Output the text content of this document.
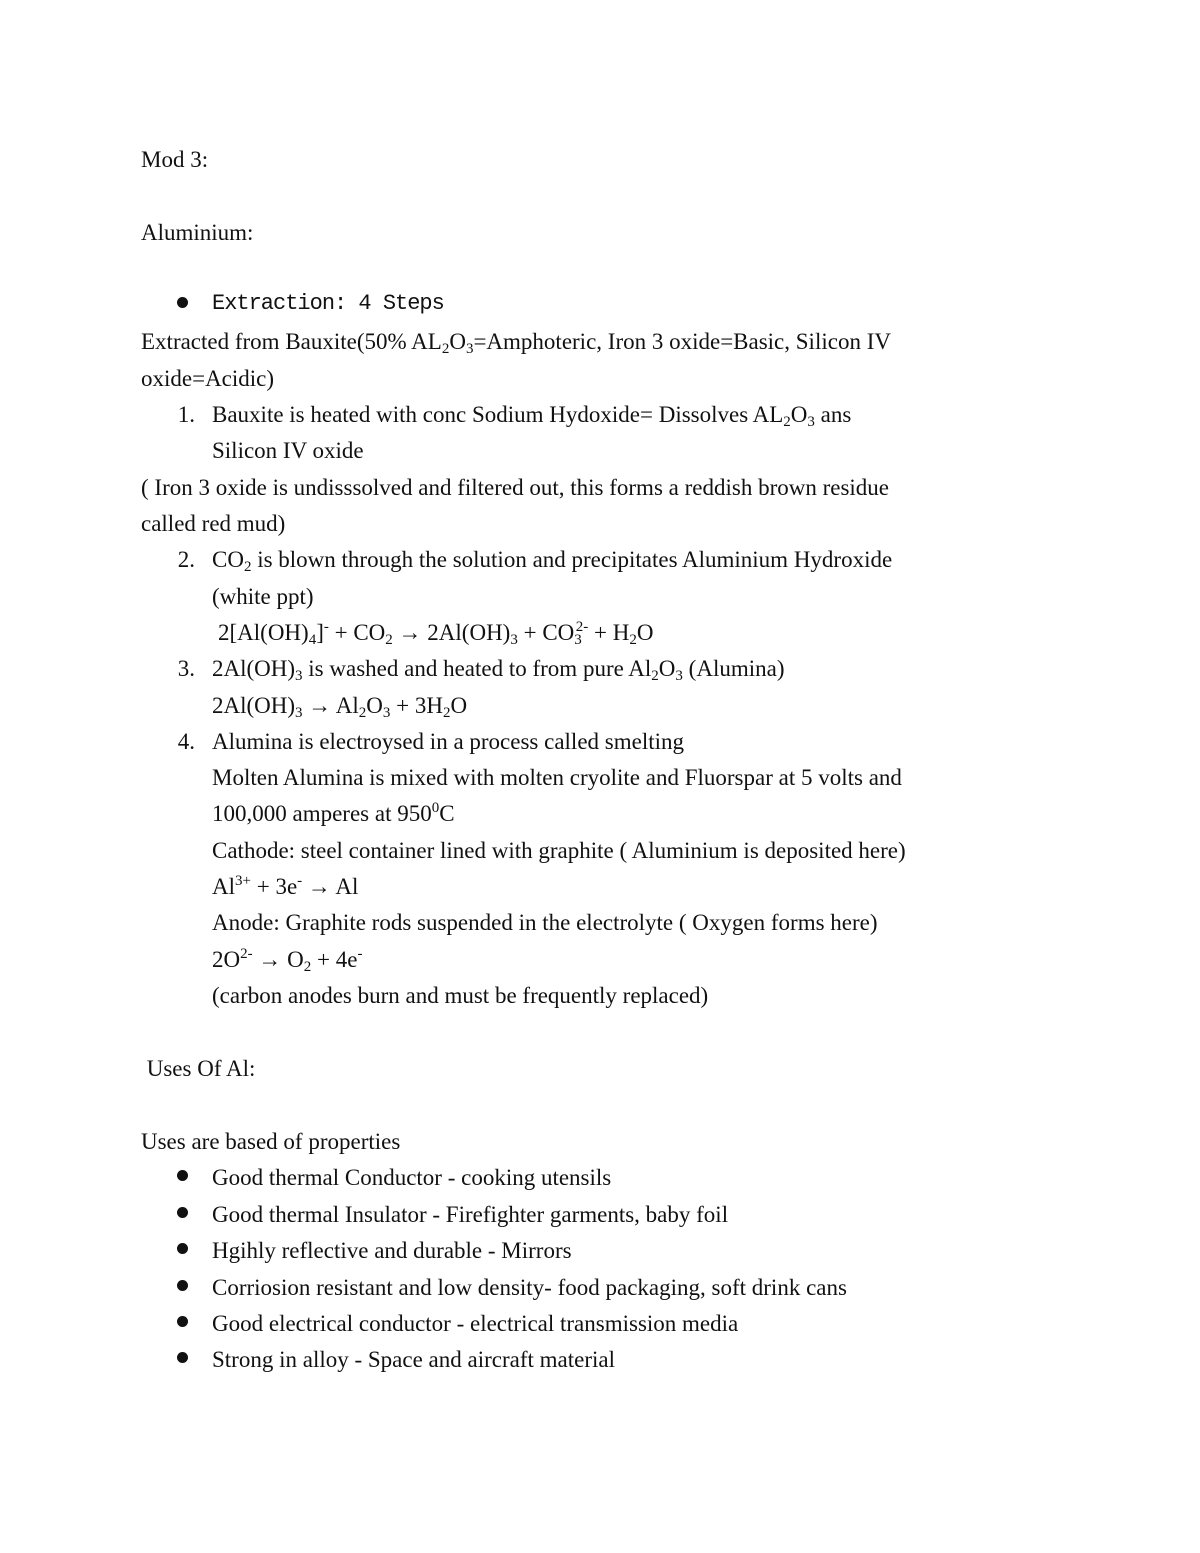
Mod 3:
Aluminium:
Extraction: 4 Steps
Extracted from Bauxite(50% AL2O3=Amphoteric, Iron 3 oxide=Basic, Silicon IV
oxide=Acidic)
1. Bauxite is heated with conc Sodium Hydoxide= Dissolves AL2O3 ans
Silicon IV oxide
( Iron 3 oxide is undisssolved and filtered out, this forms a reddish brown residue
called red mud)
2. CO2 is blown through the solution and precipitates Aluminium Hydroxide
(white ppt)
$2[Al(OH)4]^- + CO2 \to 2Al(OH)3 + CO3^{2-} + H2O$
3. 2Al(OH)3 is washed and heated to from pure Al2O3 (Alumina)
2Al(OH)3 → Al2O3 + 3H2O
4. Alumina is electroysed in a process called smelting
Molten Alumina is mixed with molten cryolite and Fluorspar at 5 volts and
100,000 amperes at $950^0C$
Cathode: steel container lined with graphite ( Aluminium is deposited here)
$Al^{3+} + 3e^- \to Al$
Anode: Graphite rods suspended in the electrolyte ( Oxygen forms here)
$2O^{2-} \to O2 + 4e^-$
(carbon anodes burn and must be frequently replaced)
Uses Of Al:
Uses are based of properties
Good thermal Conductor - cooking utensils
Good thermal Insulator - Firefighter garments, baby foil
Hgihly reflective and durable - Mirrors
Corriosion resistant and low density- food packaging, soft drink cans
Good electrical conductor - electrical transmission media
Strong in alloy - Space and aircraft material
